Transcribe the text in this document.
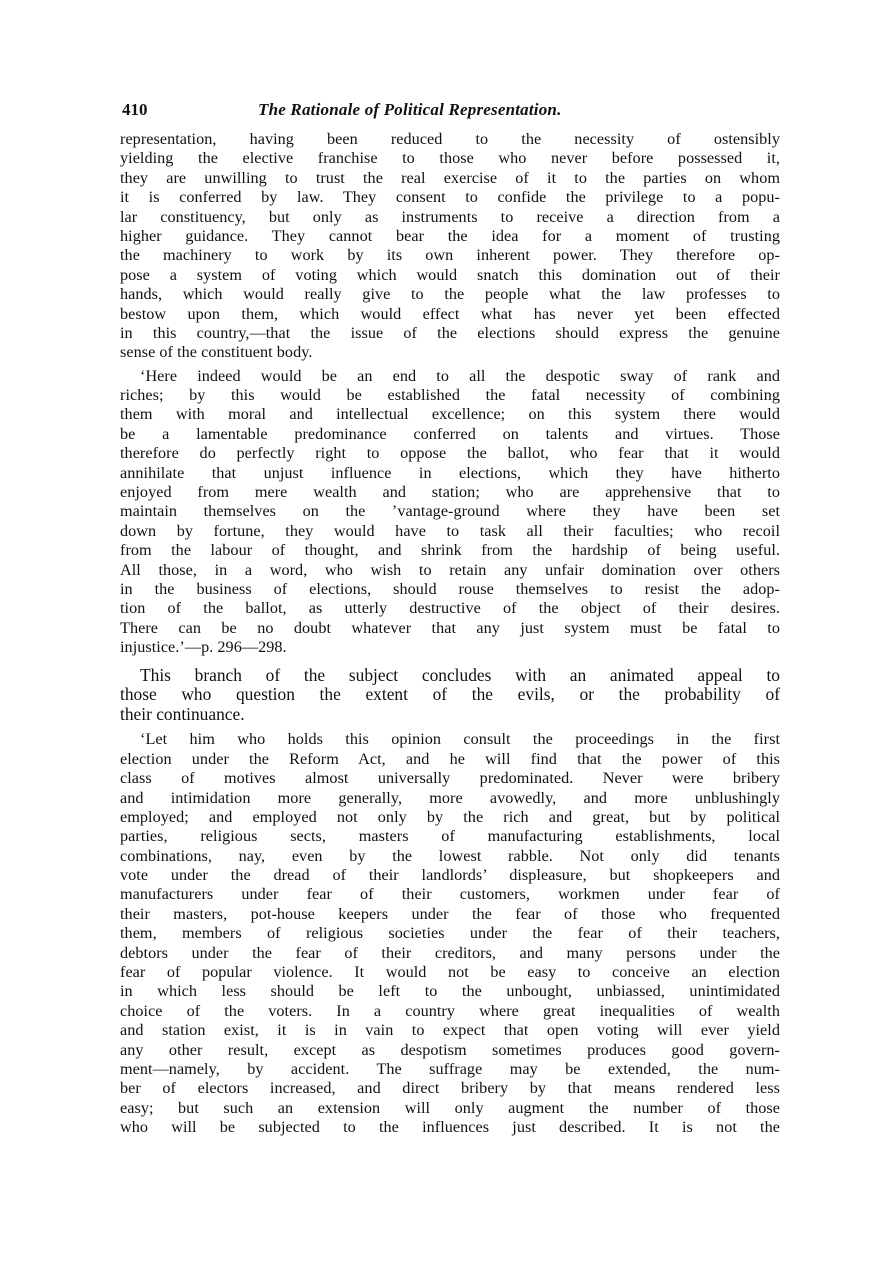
410	The Rationale of Political Representation.
representation, having been reduced to the necessity of ostensibly
yielding the elective franchise to those who never before possessed it,
they are unwilling to trust the real exercise of it to the parties on whom
it is conferred by law. They consent to confide the privilege to a popu-
lar constituency, but only as instruments to receive a direction from a
higher guidance. They cannot bear the idea for a moment of trusting
the machinery to work by its own inherent power. They therefore op-
pose a system of voting which would snatch this domination out of their
hands, which would really give to the people what the law professes to
bestow upon them, which would effect what has never yet been effected
in this country,—that the issue of the elections should express the genuine
sense of the constituent body.
‘Here indeed would be an end to all the despotic sway of rank and
riches; by this would be established the fatal necessity of combining
them with moral and intellectual excellence; on this system there would
be a lamentable predominance conferred on talents and virtues. Those
therefore do perfectly right to oppose the ballot, who fear that it would
annihilate that unjust influence in elections, which they have hitherto
enjoyed from mere wealth and station; who are apprehensive that to
maintain themselves on the ’vantage-ground where they have been set
down by fortune, they would have to task all their faculties; who recoil
from the labour of thought, and shrink from the hardship of being useful.
All those, in a word, who wish to retain any unfair domination over others
in the business of elections, should rouse themselves to resist the adop-
tion of the ballot, as utterly destructive of the object of their desires.
There can be no doubt whatever that any just system must be fatal to
injustice.’—p. 296—298.
This branch of the subject concludes with an animated appeal to
those who question the extent of the evils, or the probability of
their continuance.
‘Let him who holds this opinion consult the proceedings in the first
election under the Reform Act, and he will find that the power of this
class of motives almost universally predominated. Never were bribery
and intimidation more generally, more avowedly, and more unblushingly
employed; and employed not only by the rich and great, but by political
parties, religious sects, masters of manufacturing establishments, local
combinations, nay, even by the lowest rabble. Not only did tenants
vote under the dread of their landlords’ displeasure, but shopkeepers and
manufacturers under fear of their customers, workmen under fear of
their masters, pot-house keepers under the fear of those who frequented
them, members of religious societies under the fear of their teachers,
debtors under the fear of their creditors, and many persons under the
fear of popular violence. It would not be easy to conceive an election
in which less should be left to the unbought, unbiassed, unintimidated
choice of the voters. In a country where great inequalities of wealth
and station exist, it is in vain to expect that open voting will ever yield
any other result, except as despotism sometimes produces good govern-
ment—namely, by accident. The suffrage may be extended, the num-
ber of electors increased, and direct bribery by that means rendered less
easy; but such an extension will only augment the number of those
who will be subjected to the influences just described. It is not the
